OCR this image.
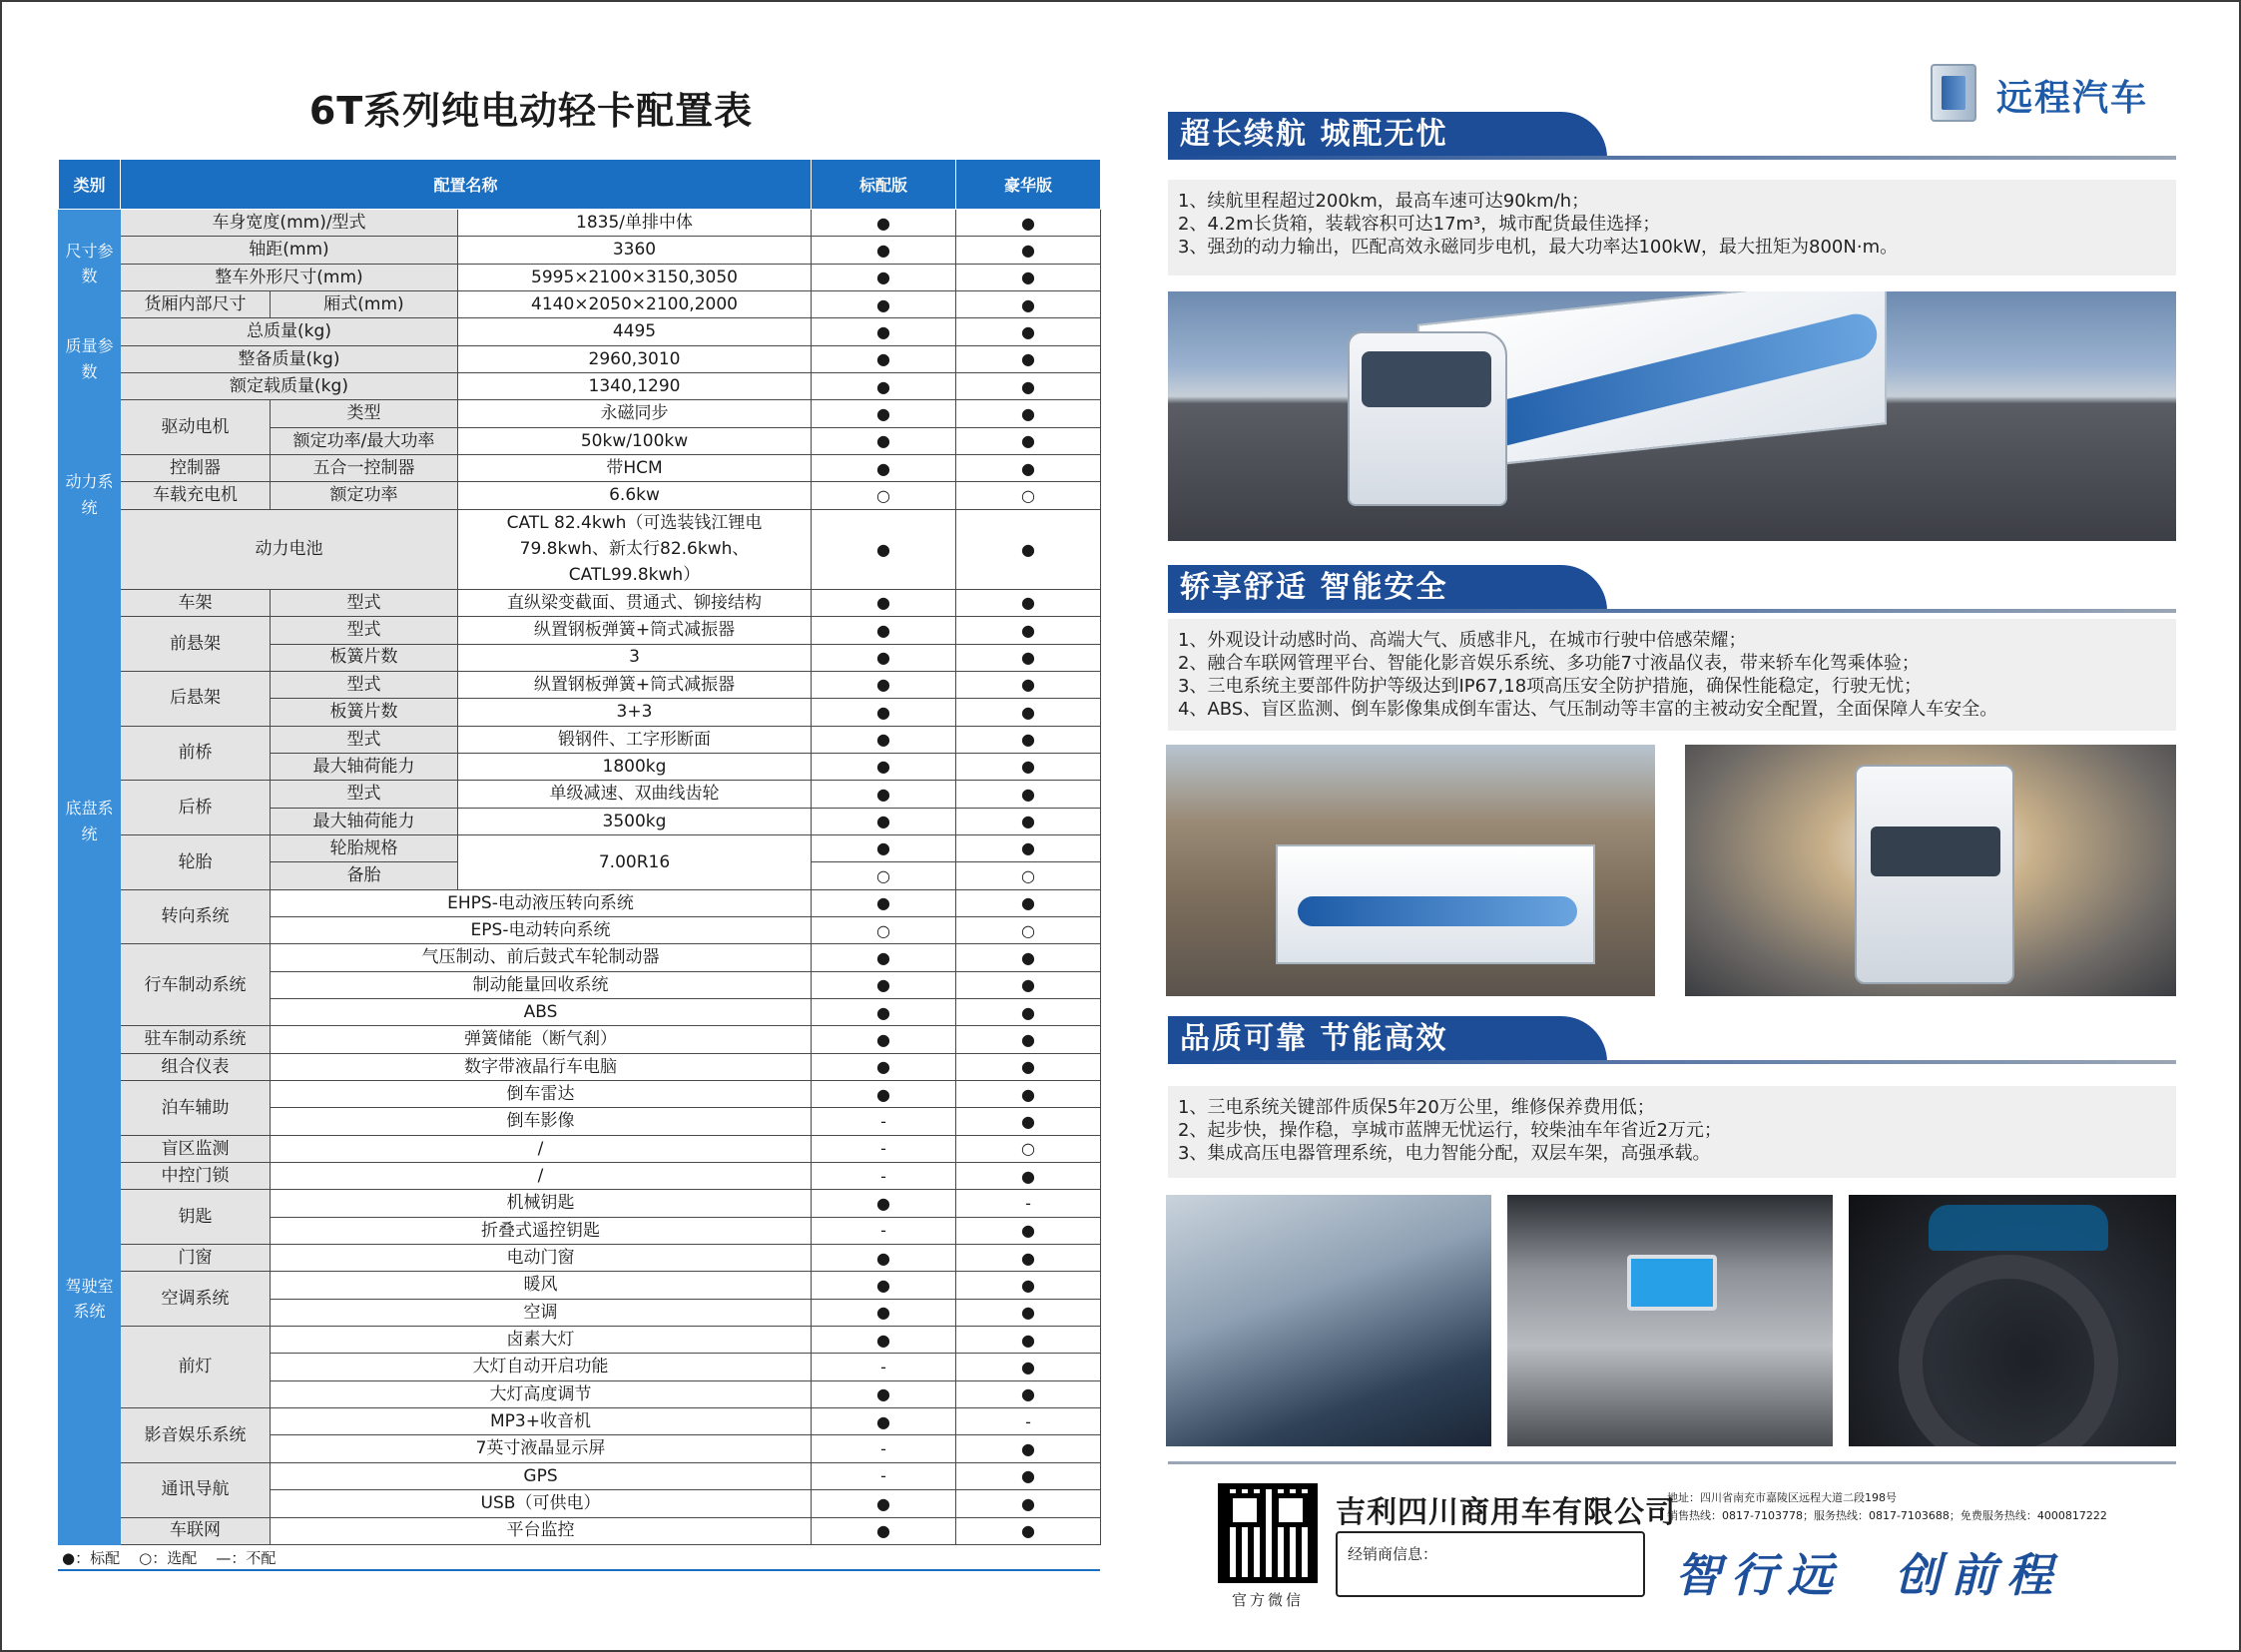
6T系列纯电动轻卡配置表
类别	配置名称			标配版	豪华版
尺寸参数	车身宽度(mm)/型式		1835/单排中体	●	●
	轴距(mm)		3360	●	●
	整车外形尺寸(mm)		5995×2100×3150,3050	●	●
	货厢内部尺寸	厢式(mm)	4140×2050×2100,2000	●	●
质量参数	总质量(kg)		4495	●	●
	整备质量(kg)		2960,3010	●	●
	额定载质量(kg)		1340,1290	●	●
动力系统	驱动电机	类型	永磁同步	●	●
		额定功率/最大功率	50kw/100kw	●	●
	控制器	五合一控制器	带HCM	●	●
	车载充电机	额定功率	6.6kw	○	○
	动力电池		CATL 82.4kwh（可选装钱江锂电79.8kwh、新太行82.6kwh、CATL99.8kwh）	●	●

底盘系统	车架	型式	直纵梁变截面、贯通式、铆接结构	●	●
	前悬架	型式	纵置钢板弹簧+筒式减振器	●	●
		板簧片数	3	●	●
	后悬架	型式	纵置钢板弹簧+筒式减振器	●	●
		板簧片数	3+3	●	●
	前桥	型式	锻钢件、工字形断面	●	●
		最大轴荷能力	1800kg	●	●
	后桥	型式	单级减速、双曲线齿轮	●	●
		最大轴荷能力	3500kg	●	●
	轮胎	轮胎规格	7.00R16	●	●
		备胎		○	○
	转向系统	EHPS-电动液压转向系统		●	●
		EPS-电动转向系统		○	○
	行车制动系统	气压制动、前后鼓式车轮制动器		●	●
		制动能量回收系统		●	●
		ABS		●	●
	驻车制动系统	弹簧储能（断气刹）		●	●
驾驶室系统	组合仪表	数字带液晶行车电脑		●	●
	泊车辅助	倒车雷达		●	●
		倒车影像		-	●
	盲区监测	/		-	○
	中控门锁	/		-	●
	钥匙	机械钥匙		●	-
		折叠式遥控钥匙		-	●
	门窗	电动门窗		●	●
	空调系统	暖风		●	●
		空调		●	●
	前灯	卤素大灯		●	●
		大灯自动开启功能		-	●
		大灯高度调节		●	●
	影音娱乐系统	MP3+收音机		●	-
		7英寸液晶显示屏		-	●
	通讯导航	GPS		-	●
		USB（可供电）		●	●
	车联网	平台监控		●	●
●：标配    ○：选配    —：不配
远程汽车
超长续航 城配无忧

1、续航里程超过200km，最高车速可达90km/h；

2、4.2m长货箱，装载容积可达17m³，城市配货最佳选择；

3、强劲的动力输出，匹配高效永磁同步电机，最大功率达100kW，最大扭矩为800N·m。

轿享舒适 智能安全

1、外观设计动感时尚、高端大气、质感非凡，在城市行驶中倍感荣耀；

2、融合车联网管理平台、智能化影音娱乐系统、多功能7寸液晶仪表，带来轿车化驾乘体验；

3、三电系统主要部件防护等级达到IP67,18项高压安全防护措施，确保性能稳定，行驶无忧；

4、ABS、盲区监测、倒车影像集成倒车雷达、气压制动等丰富的主被动安全配置，全面保障人车安全。

品质可靠 节能高效

1、三电系统关键部件质保5年20万公里，维修保养费用低；

2、起步快，操作稳，享城市蓝牌无忧运行，较柴油车年省近2万元；

3、集成高压电器管理系统，电力智能分配，双层车架，高强承载。

官方微信
吉利四川商用车有限公司
地址：四川省南充市嘉陵区远程大道二段198号
销售热线：0817-7103778；服务热线：0817-7103688；免费服务热线：4000817222
经销商信息：	智行远  创前程
